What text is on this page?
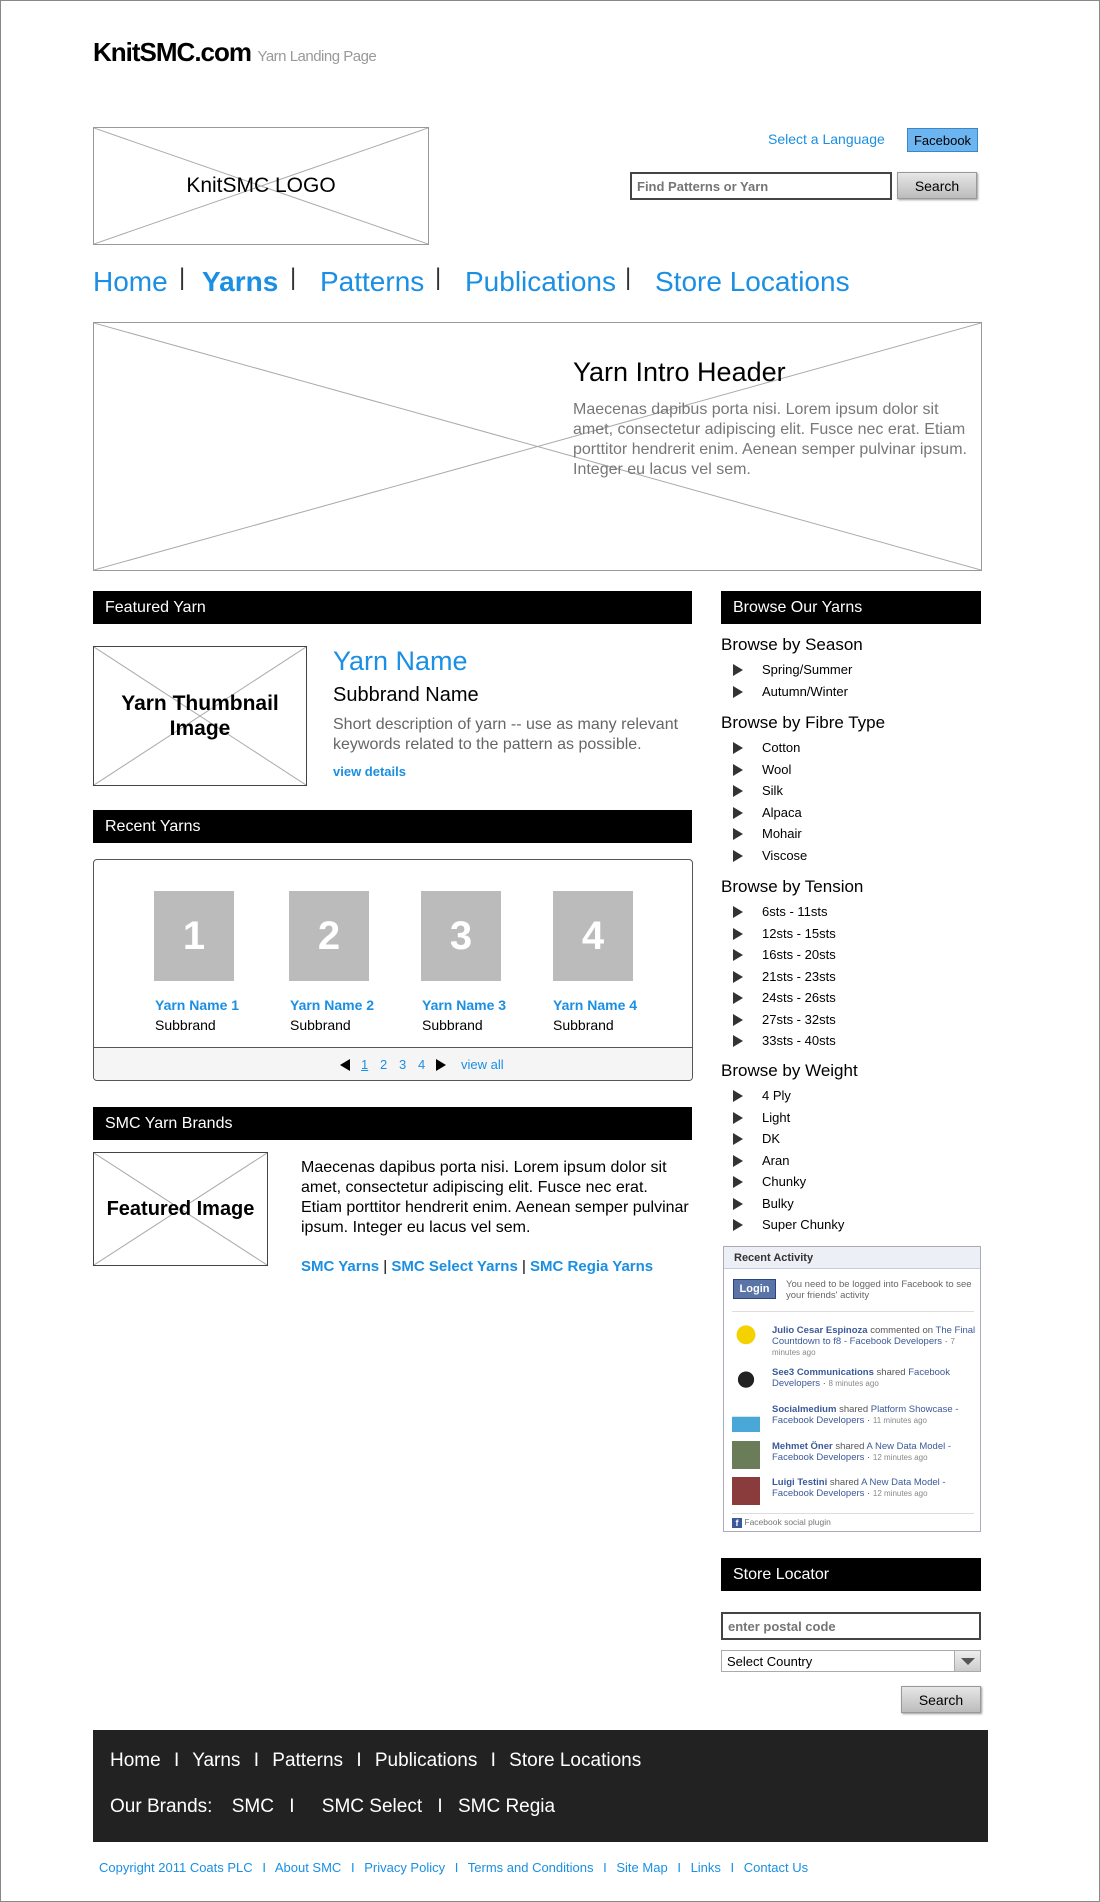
KnitSMC.com Yarn Landing Page
KnitSMC LOGO
Select a Language	Facebook
Find Patterns or Yarn
Search
Home | Yarns | Patterns | Publications | Store Locations
Yarn Intro Header
Maecenas dapibus porta nisi. Lorem ipsum dolor sit amet, consectetur adipiscing elit. Fusce nec erat. Etiam porttitor hendrerit enim. Aenean semper pulvinar ipsum. Integer eu lacus vel sem.
Featured Yarn
Yarn Thumbnail Image
Yarn Name
Subbrand Name
Short description of yarn -- use as many relevant keywords related to the pattern as possible.
view details
Recent Yarns
1	2	3	4
Yarn Name 1	Yarn Name 2	Yarn Name 3	Yarn Name 4
Subbrand	Subbrand	Subbrand	Subbrand
1 2 3 4	view all
SMC Yarn Brands
Featured Image
Maecenas dapibus porta nisi. Lorem ipsum dolor sit amet, consectetur adipiscing elit. Fusce nec erat. Etiam porttitor hendrerit enim. Aenean semper pulvinar ipsum. Integer eu lacus vel sem.
SMC Yarns | SMC Select Yarns | SMC Regia Yarns
Browse Our Yarns
Browse by Season
Spring/Summer
Autumn/Winter
Browse by Fibre Type
Cotton
Wool
Silk
Alpaca
Mohair
Viscose
Browse by Tension
6sts - 11sts
12sts - 15sts
16sts - 20sts
21sts - 23sts
24sts - 26sts
27sts - 32sts
33sts - 40sts
Browse by Weight
4 Ply
Light
DK
Aran
Chunky
Bulky
Super Chunky
Recent Activity
Login	You need to be logged into Facebook to see your friends' activity
Julio Cesar Espinoza commented on The Final Countdown to f8 - Facebook Developers · 7 minutes ago
See3 Communications shared Facebook Developers · 8 minutes ago
Socialmedium shared Platform Showcase - Facebook Developers · 11 minutes ago
Mehmet Öner shared A New Data Model - Facebook Developers · 12 minutes ago
Luigi Testini shared A New Data Model - Facebook Developers · 12 minutes ago
f Facebook social plugin
Store Locator
enter postal code
Select Country
Search
Home I Yarns I Patterns I Publications I Store Locations
Our Brands: SMC I SMC Select I SMC Regia
Copyright 2011 Coats PLC I About SMC I Privacy Policy I Terms and Conditions I Site Map I Links I Contact Us
